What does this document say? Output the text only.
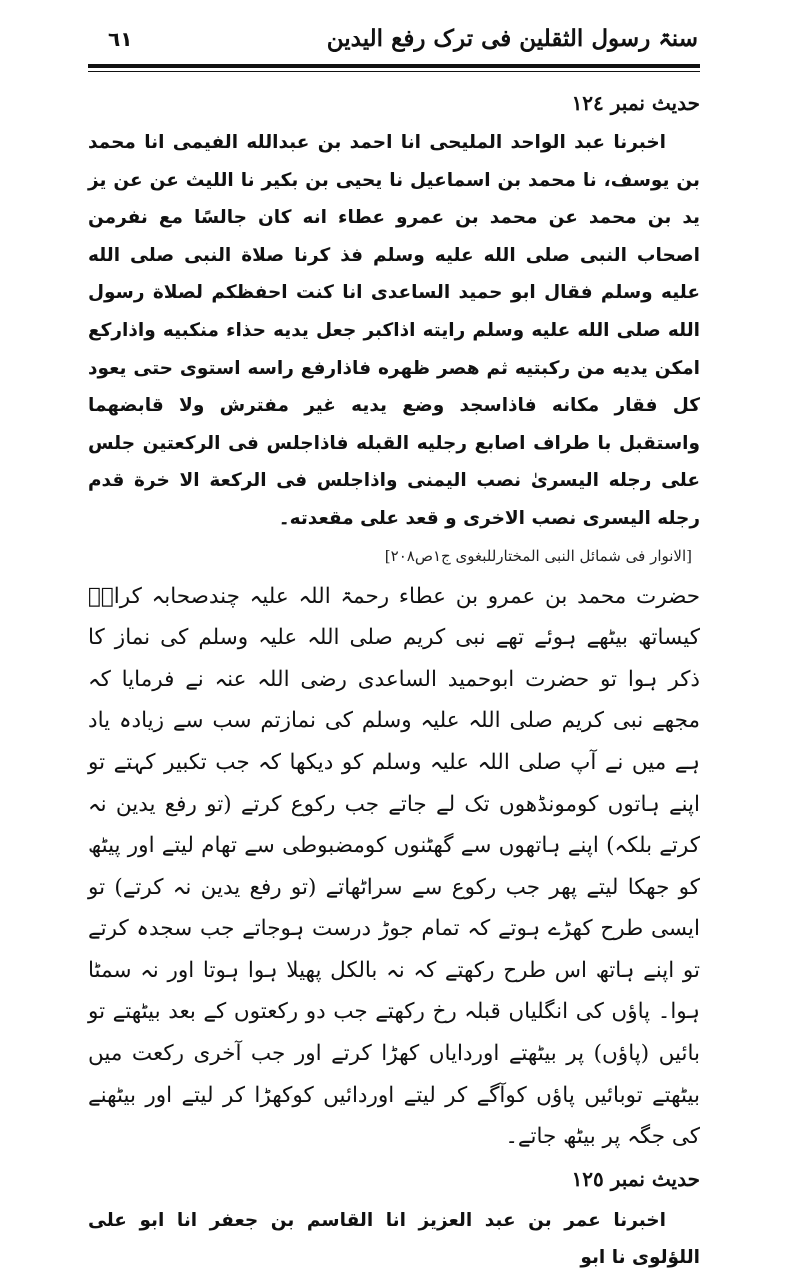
سنۃ رسول الثقلین فی ترک رفع الیدین
٦١
حدیث نمبر ١٢٤

اخبرنا عبد الواحد المليحى انا احمد بن عبدالله الفيمى انا محمد بن يوسف، نا محمد بن اسماعيل نا يحيى بن بكير نا الليث عن عن يز يد بن محمد عن محمد بن عمرو عطاء انه كان جالسًا مع نفرمن اصحاب النبى صلى الله عليه وسلم فذ كرنا صلاة النبى صلى الله عليه وسلم فقال ابو حميد الساعدى انا كنت احفظكم لصلاة رسول الله صلى الله عليه وسلم رايته اذاكبر جعل يديه حذاء منكبيه واذاركع امكن يديه من ركبتيه ثم هصر ظهره فاذارفع راسه استوى حتى يعود كل فقار مكانه فاذاسجد وضع يديه غير مفترش ولا قابضهما واستقبل با طراف اصابع رجليه القبله فاذاجلس فى الركعتين جلس على رجله اليسرىٰ نصب اليمنى واذاجلس فى الركعة الا خرة قدم رجله اليسرى نصب الاخرى و قعد على مقعدته۔

[الانوار فی شمائل النبی المختارللبغوی ج١ص٢٠٨]

حضرت محمد بن عمرو بن عطاء رحمۃ اللہ علیہ چندصحابہ کرامؓ کیساتھ بیٹھے ہوئے تھے نبی کریم صلی اللہ علیہ وسلم کی نماز کا ذکر ہوا تو حضرت ابوحمید الساعدی رضی اللہ عنہ نے فرمایا کہ مجھے نبی کریم صلی اللہ علیہ وسلم کی نمازتم سب سے زیادہ یاد ہے میں نے آپ صلی اللہ علیہ وسلم کو دیکھا کہ جب تکبیر کہتے تو اپنے ہاتوں کومونڈھوں تک لے جاتے جب رکوع کرتے (تو رفع یدین نہ کرتے بلکہ) اپنے ہاتھوں سے گھٹنوں کومضبوطی سے تھام لیتے اور پیٹھ کو جھکا لیتے پھر جب رکوع سے سراٹھاتے (تو رفع یدین نہ کرتے) تو ایسی طرح کھڑے ہوتے کہ تمام جوڑ درست ہوجاتے جب سجدہ کرتے تو اپنے ہاتھ اس طرح رکھتے کہ نہ بالکل پھیلا ہوا ہوتا اور نہ سمٹا ہوا۔ پاؤں کی انگلیاں قبلہ رخ رکھتے جب دو رکعتوں کے بعد بیٹھتے تو بائیں (پاؤں) پر بیٹھتے اوردایاں کھڑا کرتے اور جب آخری رکعت میں بیٹھتے توبائیں پاؤں کوآگے کر لیتے اوردائیں کوکھڑا کر لیتے اور بیٹھنے کی جگہ پر بیٹھ جاتے۔

حدیث نمبر ١٢٥

اخبرنا عمر بن عبد العزيز انا القاسم بن جعفر انا ابو على اللؤلوى نا ابو
